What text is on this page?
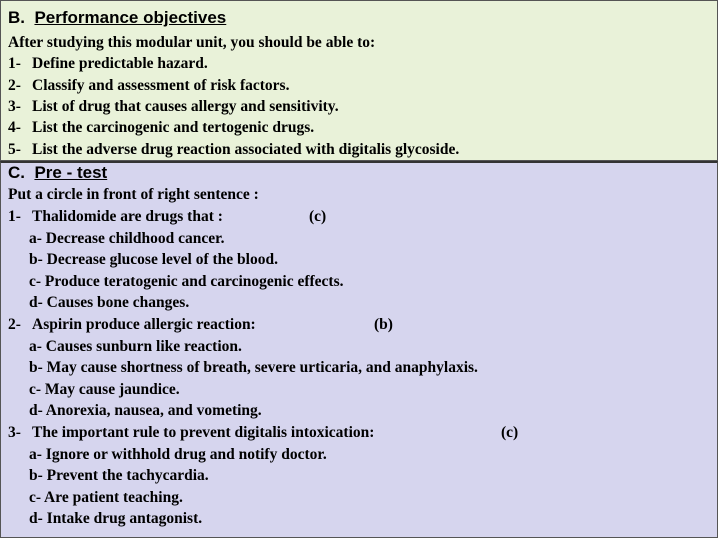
B. Performance objectives
After studying this modular unit, you should be able to:
1- Define predictable hazard.
2- Classify and assessment of risk factors.
3- List of drug that causes allergy and sensitivity.
4- List the carcinogenic and tertogenic drugs.
5- List the adverse drug reaction associated with digitalis glycoside.
C. Pre - test
Put a circle in front of right sentence :
1- Thalidomide are drugs that :	(c)
a- Decrease childhood cancer.
b- Decrease glucose level of the blood.
c- Produce teratogenic and carcinogenic effects.
d- Causes bone changes.
2- Aspirin produce allergic reaction:	(b)
a- Causes sunburn like reaction.
b- May cause shortness of breath, severe urticaria, and anaphylaxis.
c- May cause jaundice.
d- Anorexia, nausea, and vometing.
3- The important rule to prevent digitalis intoxication:	(c)
a- Ignore or withhold drug and notify doctor.
b- Prevent the tachycardia.
c- Are patient teaching.
d- Intake drug antagonist.
